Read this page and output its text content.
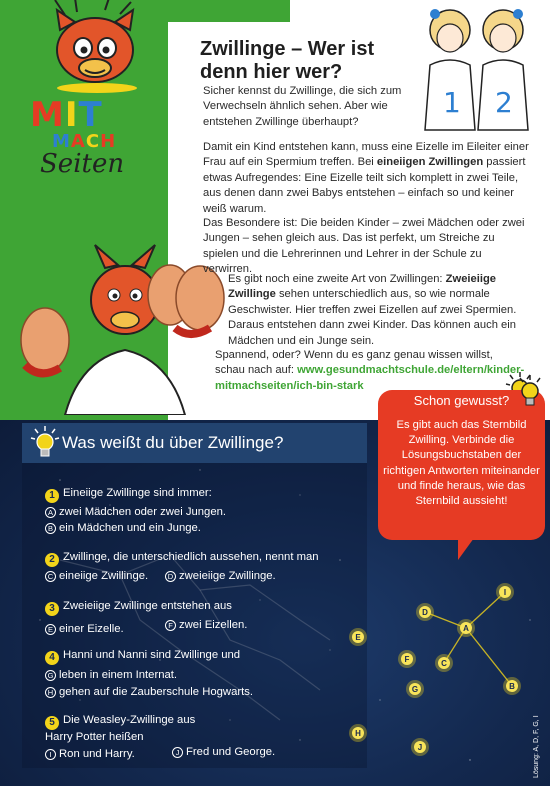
MIT
MACH
Seiten
1 2
Zwillinge – Wer ist denn hier wer?
Sicher kennst du Zwillinge, die sich zum Verwechseln ähnlich sehen. Aber wie entstehen Zwillinge überhaupt?
Damit ein Kind entstehen kann, muss eine Eizelle im Eileiter einer Frau auf ein Spermium treffen. Bei eineiigen Zwillingen passiert etwas Aufregendes: Eine Eizelle teilt sich komplett in zwei Teile, aus denen dann zwei Babys entstehen – einfach so und keiner weiß warum.
Das Besondere ist: Die beiden Kinder – zwei Mädchen oder zwei Jungen – sehen gleich aus. Das ist perfekt, um Streiche zu spielen und die Lehrerinnen und Lehrer in der Schule zu verwirren.
Es gibt noch eine zweite Art von Zwillingen: Zweieiige Zwillinge sehen unterschiedlich aus, so wie normale Geschwister. Hier treffen zwei Eizellen auf zwei Spermien. Daraus entstehen dann zwei Kinder. Das können auch ein Mädchen und ein Junge sein.
Spannend, oder? Wenn du es ganz genau wissen willst, schau nach auf: www.gesundmachtschule.de/eltern/kinder-mitmachseiten/ich-bin-stark
Was weißt du über Zwillinge?
1 Eineiige Zwillinge sind immer:
A zwei Mädchen oder zwei Jungen.
B ein Mädchen und ein Junge.
2 Zwillinge, die unterschiedlich aussehen, nennt man
C eineiige Zwillinge.	D zweieiige Zwillinge.
3 Zweieiige Zwillinge entstehen aus
E einer Eizelle.	F zwei Eizellen.
4 Hanni und Nanni sind Zwillinge und
G leben in einem Internat.
H gehen auf die Zauberschule Hogwarts.
5 Die Weasley-Zwillinge aus Harry Potter heißen
I Ron und Harry.	J Fred und George.
D
I
A
E
F	C
G	B
H
J
Schon gewusst?
Es gibt auch das Sternbild Zwilling. Verbinde die Lösungsbuchstaben der richtigen Antworten miteinander und finde heraus, wie das Sternbild aussieht!
Lösung: A, D, F, G, I
